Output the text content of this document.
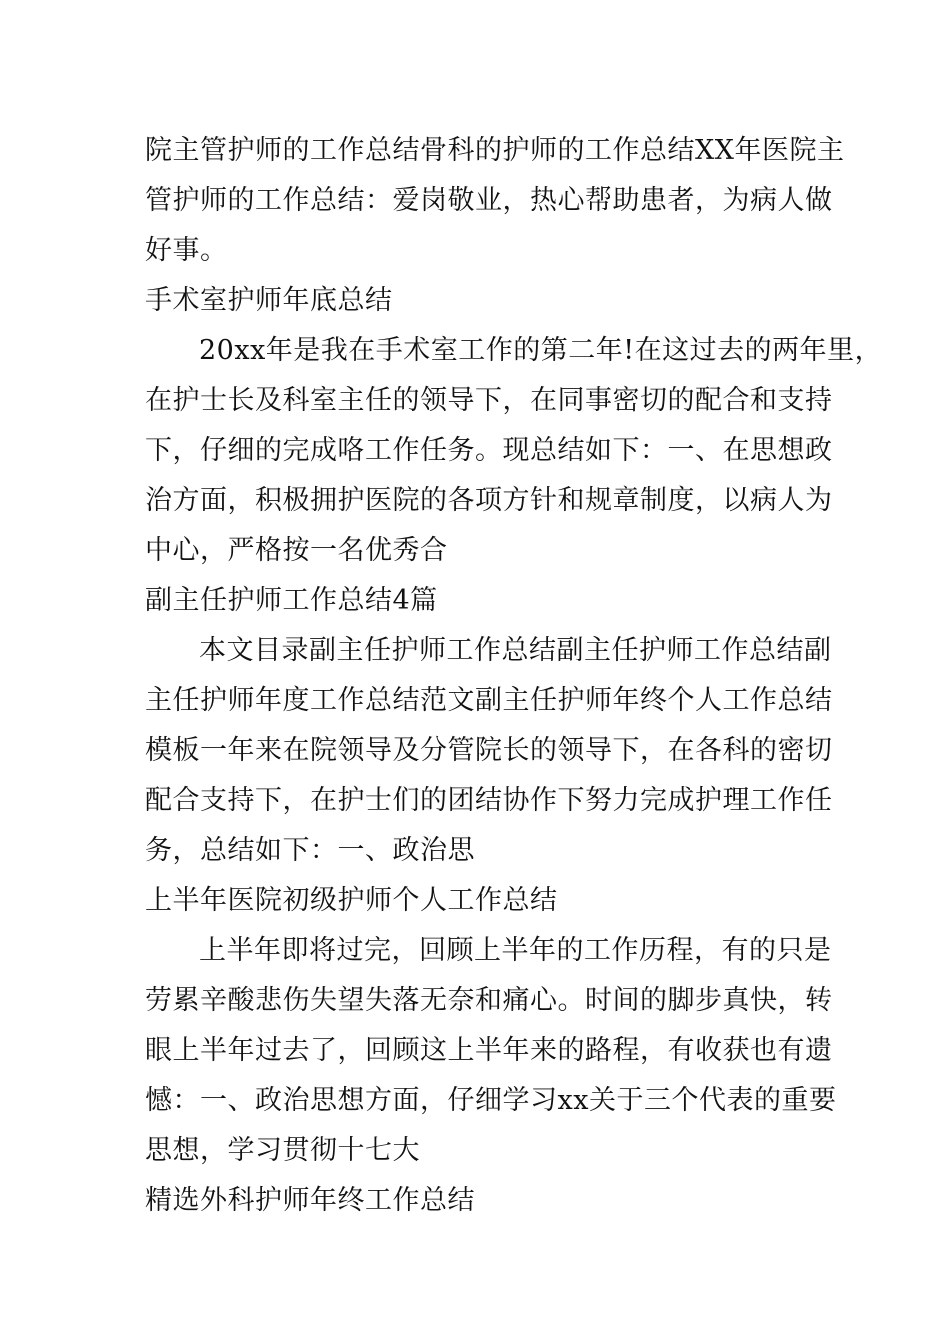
院主管护师的工作总结骨科的护师的工作总结XX年医院主
管护师的工作总结：爱岗敬业，热心帮助患者，为病人做
好事。
手术室护师年底总结
20xx年是我在手术室工作的第二年!在这过去的两年里，
在护士长及科室主任的领导下，在同事密切的配合和支持
下，仔细的完成咯工作任务。现总结如下：一、在思想政
治方面，积极拥护医院的各项方针和规章制度，以病人为
中心，严格按一名优秀合
副主任护师工作总结4篇
本文目录副主任护师工作总结副主任护师工作总结副
主任护师年度工作总结范文副主任护师年终个人工作总结
模板一年来在院领导及分管院长的领导下，在各科的密切
配合支持下，在护士们的团结协作下努力完成护理工作任
务，总结如下：一、政治思
上半年医院初级护师个人工作总结
上半年即将过完，回顾上半年的工作历程，有的只是
劳累辛酸悲伤失望失落无奈和痛心。时间的脚步真快，转
眼上半年过去了，回顾这上半年来的路程，有收获也有遗
憾：一、政治思想方面，仔细学习xx关于三个代表的重要
思想，学习贯彻十七大
精选外科护师年终工作总结
